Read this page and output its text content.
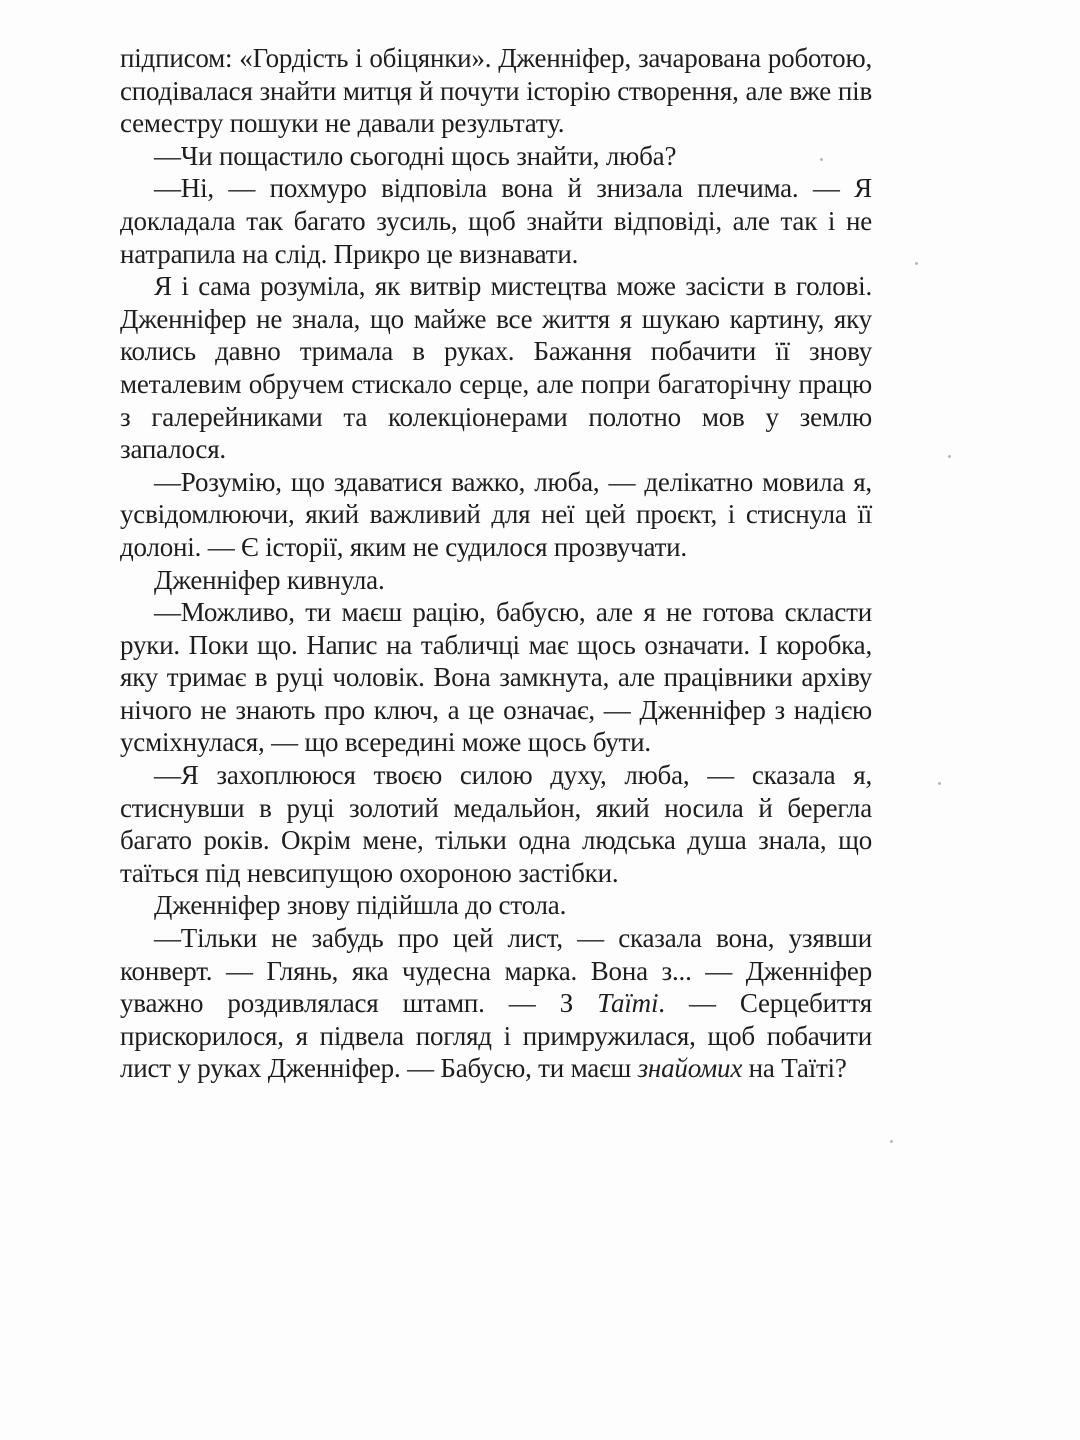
підписом: «Гордість і обіцянки». Дженніфер, зачарована роботою, сподівалася знайти митця й почути історію створення, але вже пів семестру пошуки не давали результату.

—Чи пощастило сьогодні щось знайти, люба?

—Ні, — похмуро відповіла вона й знизала плечима. — Я докладала так багато зусиль, щоб знайти відповіді, але так і не натрапила на слід. Прикро це визнавати.

Я і сама розуміла, як витвір мистецтва може засісти в голові. Дженніфер не знала, що майже все життя я шукаю картину, яку колись давно тримала в руках. Бажання побачити її знову металевим обручем стискало серце, але попри багаторічну працю з галерейниками та колекціонерами полотно мов у землю запалося.

—Розумію, що здаватися важко, люба, — делікатно мовила я, усвідомлюючи, який важливий для неї цей проєкт, і стиснула її долоні. — Є історії, яким не судилося прозвучати.

Дженніфер кивнула.

—Можливо, ти маєш рацію, бабусю, але я не готова скласти руки. Поки що. Напис на табличці має щось означати. І коробка, яку тримає в руці чоловік. Вона замкнута, але працівники архіву нічого не знають про ключ, а це означає, — Дженніфер з надією усміхнулася, — що всередині може щось бути.

—Я захоплююся твоєю силою духу, люба, — сказала я, стиснувши в руці золотий медальйон, який носила й берегла багато років. Окрім мене, тільки одна людська душа знала, що таїться під невсипущою охороною застібки.

Дженніфер знову підійшла до стола.

—Тільки не забудь про цей лист, — сказала вона, узявши конверт. — Глянь, яка чудесна марка. Вона з... — Дженніфер уважно роздивлялася штамп. — З Таїті. — Серцебиття прискорилося, я підвела погляд і примружилася, щоб побачити лист у руках Дженніфер. — Бабусю, ти маєш знайомих на Таїті?
